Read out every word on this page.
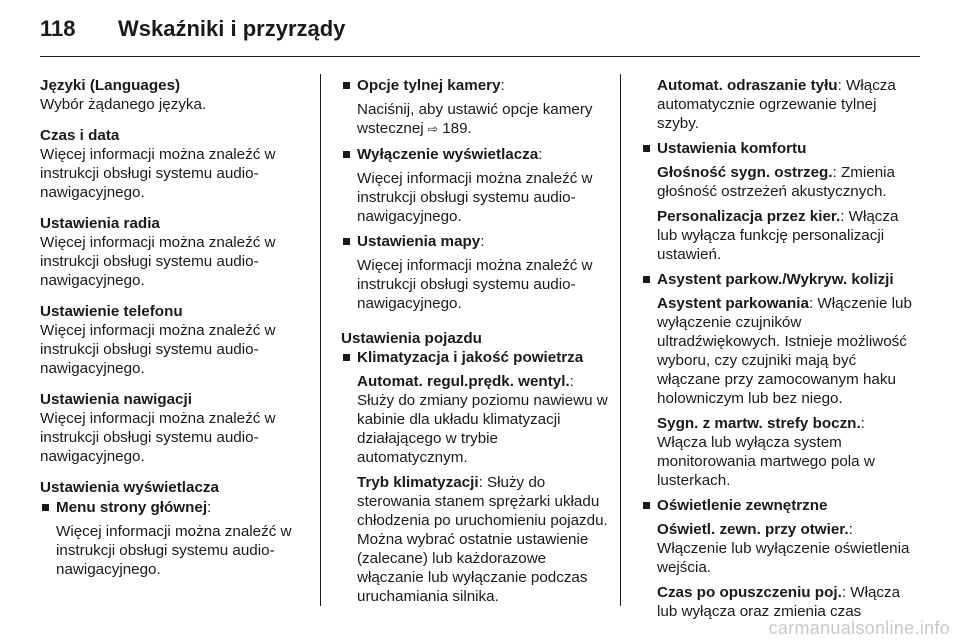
118 Wskaźniki i przyrządy
Języki (Languages)
Wybór żądanego języka.
Czas i data
Więcej informacji można znaleźć w instrukcji obsługi systemu audio-nawigacyjnego.
Ustawienia radia
Więcej informacji można znaleźć w instrukcji obsługi systemu audio-nawigacyjnego.
Ustawienie telefonu
Więcej informacji można znaleźć w instrukcji obsługi systemu audio-nawigacyjnego.
Ustawienia nawigacji
Więcej informacji można znaleźć w instrukcji obsługi systemu audio-nawigacyjnego.
Ustawienia wyświetlacza
Menu strony głównej:
Więcej informacji można znaleźć w instrukcji obsługi systemu audio-nawigacyjnego.
Opcje tylnej kamery:
Naciśnij, aby ustawić opcje kamery wstecznej ⇨ 189.
Wyłączenie wyświetlacza:
Więcej informacji można znaleźć w instrukcji obsługi systemu audio-nawigacyjnego.
Ustawienia mapy:
Więcej informacji można znaleźć w instrukcji obsługi systemu audio-nawigacyjnego.
Ustawienia pojazdu
Klimatyzacja i jakość powietrza
Automat. regul.prędk. wentyl.: Służy do zmiany poziomu nawiewu w kabinie dla układu klimatyzacji działającego w trybie automatycznym.
Tryb klimatyzacji: Służy do sterowania stanem sprężarki układu chłodzenia po uruchomieniu pojazdu. Można wybrać ostatnie ustawienie (zalecane) lub każdorazowe włączanie lub wyłączanie podczas uruchamiania silnika.
Automat. odraszanie tyłu: Włącza automatycznie ogrzewanie tylnej szyby.
Ustawienia komfortu
Głośność sygn. ostrzeg.: Zmienia głośność ostrzeżeń akustycznych.
Personalizacja przez kier.: Włącza lub wyłącza funkcję personalizacji ustawień.
Asystent parkow./Wykryw. kolizji
Asystent parkowania: Włączenie lub wyłączenie czujników ultradźwiękowych. Istnieje możliwość wyboru, czy czujniki mają być włączane przy zamocowanym haku holowniczym lub bez niego.
Sygn. z martw. strefy boczn.: Włącza lub wyłącza system monitorowania martwego pola w lusterkach.
Oświetlenie zewnętrzne
Oświetl. zewn. przy otwier.: Włączenie lub wyłączenie oświetlenia wejścia.
Czas po opuszczeniu poj.: Włącza lub wyłącza oraz zmienia czas
carmanualsonline.info
